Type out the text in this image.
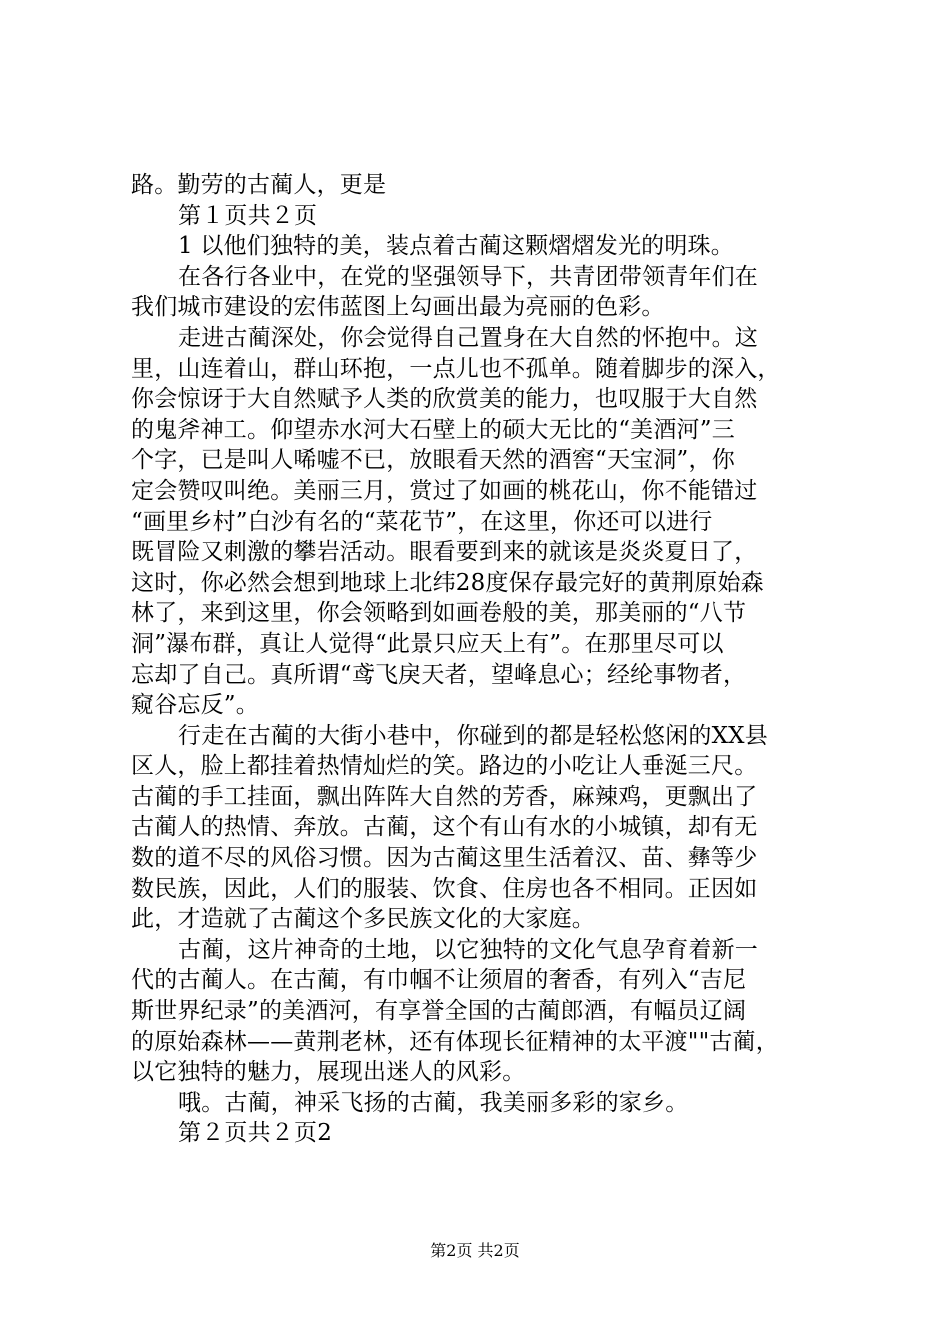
路。勤劳的古蔺人，更是
第１页共２页
1 以他们独特的美，装点着古蔺这颗熠熠发光的明珠。
在各行各业中，在党的坚强领导下，共青团带领青年们在
我们城市建设的宏伟蓝图上勾画出最为亮丽的色彩。
走进古蔺深处，你会觉得自己置身在大自然的怀抱中。这
里，山连着山，群山环抱，一点儿也不孤单。随着脚步的深入，
你会惊讶于大自然赋予人类的欣赏美的能力，也叹服于大自然
的鬼斧神工。仰望赤水河大石壁上的硕大无比的“美酒河”三
个字，已是叫人唏嘘不已，放眼看天然的酒窖“天宝洞”，你
定会赞叹叫绝。美丽三月，赏过了如画的桃花山，你不能错过
“画里乡村”白沙有名的“菜花节”，在这里，你还可以进行
既冒险又刺激的攀岩活动。眼看要到来的就该是炎炎夏日了，
这时，你必然会想到地球上北纬28度保存最完好的黄荆原始森
林了，来到这里，你会领略到如画卷般的美，那美丽的“八节
洞”瀑布群，真让人觉得“此景只应天上有”。在那里尽可以
忘却了自己。真所谓“鸢飞戾天者，望峰息心；经纶事物者，
窥谷忘反”。
行走在古蔺的大街小巷中，你碰到的都是轻松悠闲的XX县
区人，脸上都挂着热情灿烂的笑。路边的小吃让人垂涎三尺。
古蔺的手工挂面，飘出阵阵大自然的芳香，麻辣鸡，更飘出了
古蔺人的热情、奔放。古蔺，这个有山有水的小城镇，却有无
数的道不尽的风俗习惯。因为古蔺这里生活着汉、苗、彝等少
数民族，因此，人们的服装、饮食、住房也各不相同。正因如
此，才造就了古蔺这个多民族文化的大家庭。
古蔺，这片神奇的土地，以它独特的文化气息孕育着新一
代的古蔺人。在古蔺，有巾帼不让须眉的奢香，有列入“吉尼
斯世界纪录”的美酒河，有享誉全国的古蔺郎酒，有幅员辽阔
的原始森林——黄荆老林，还有体现长征精神的太平渡""古蔺，
以它独特的魅力，展现出迷人的风彩。
哦。古蔺，神采飞扬的古蔺，我美丽多彩的家乡。
第２页共２页2
第2页 共2页
